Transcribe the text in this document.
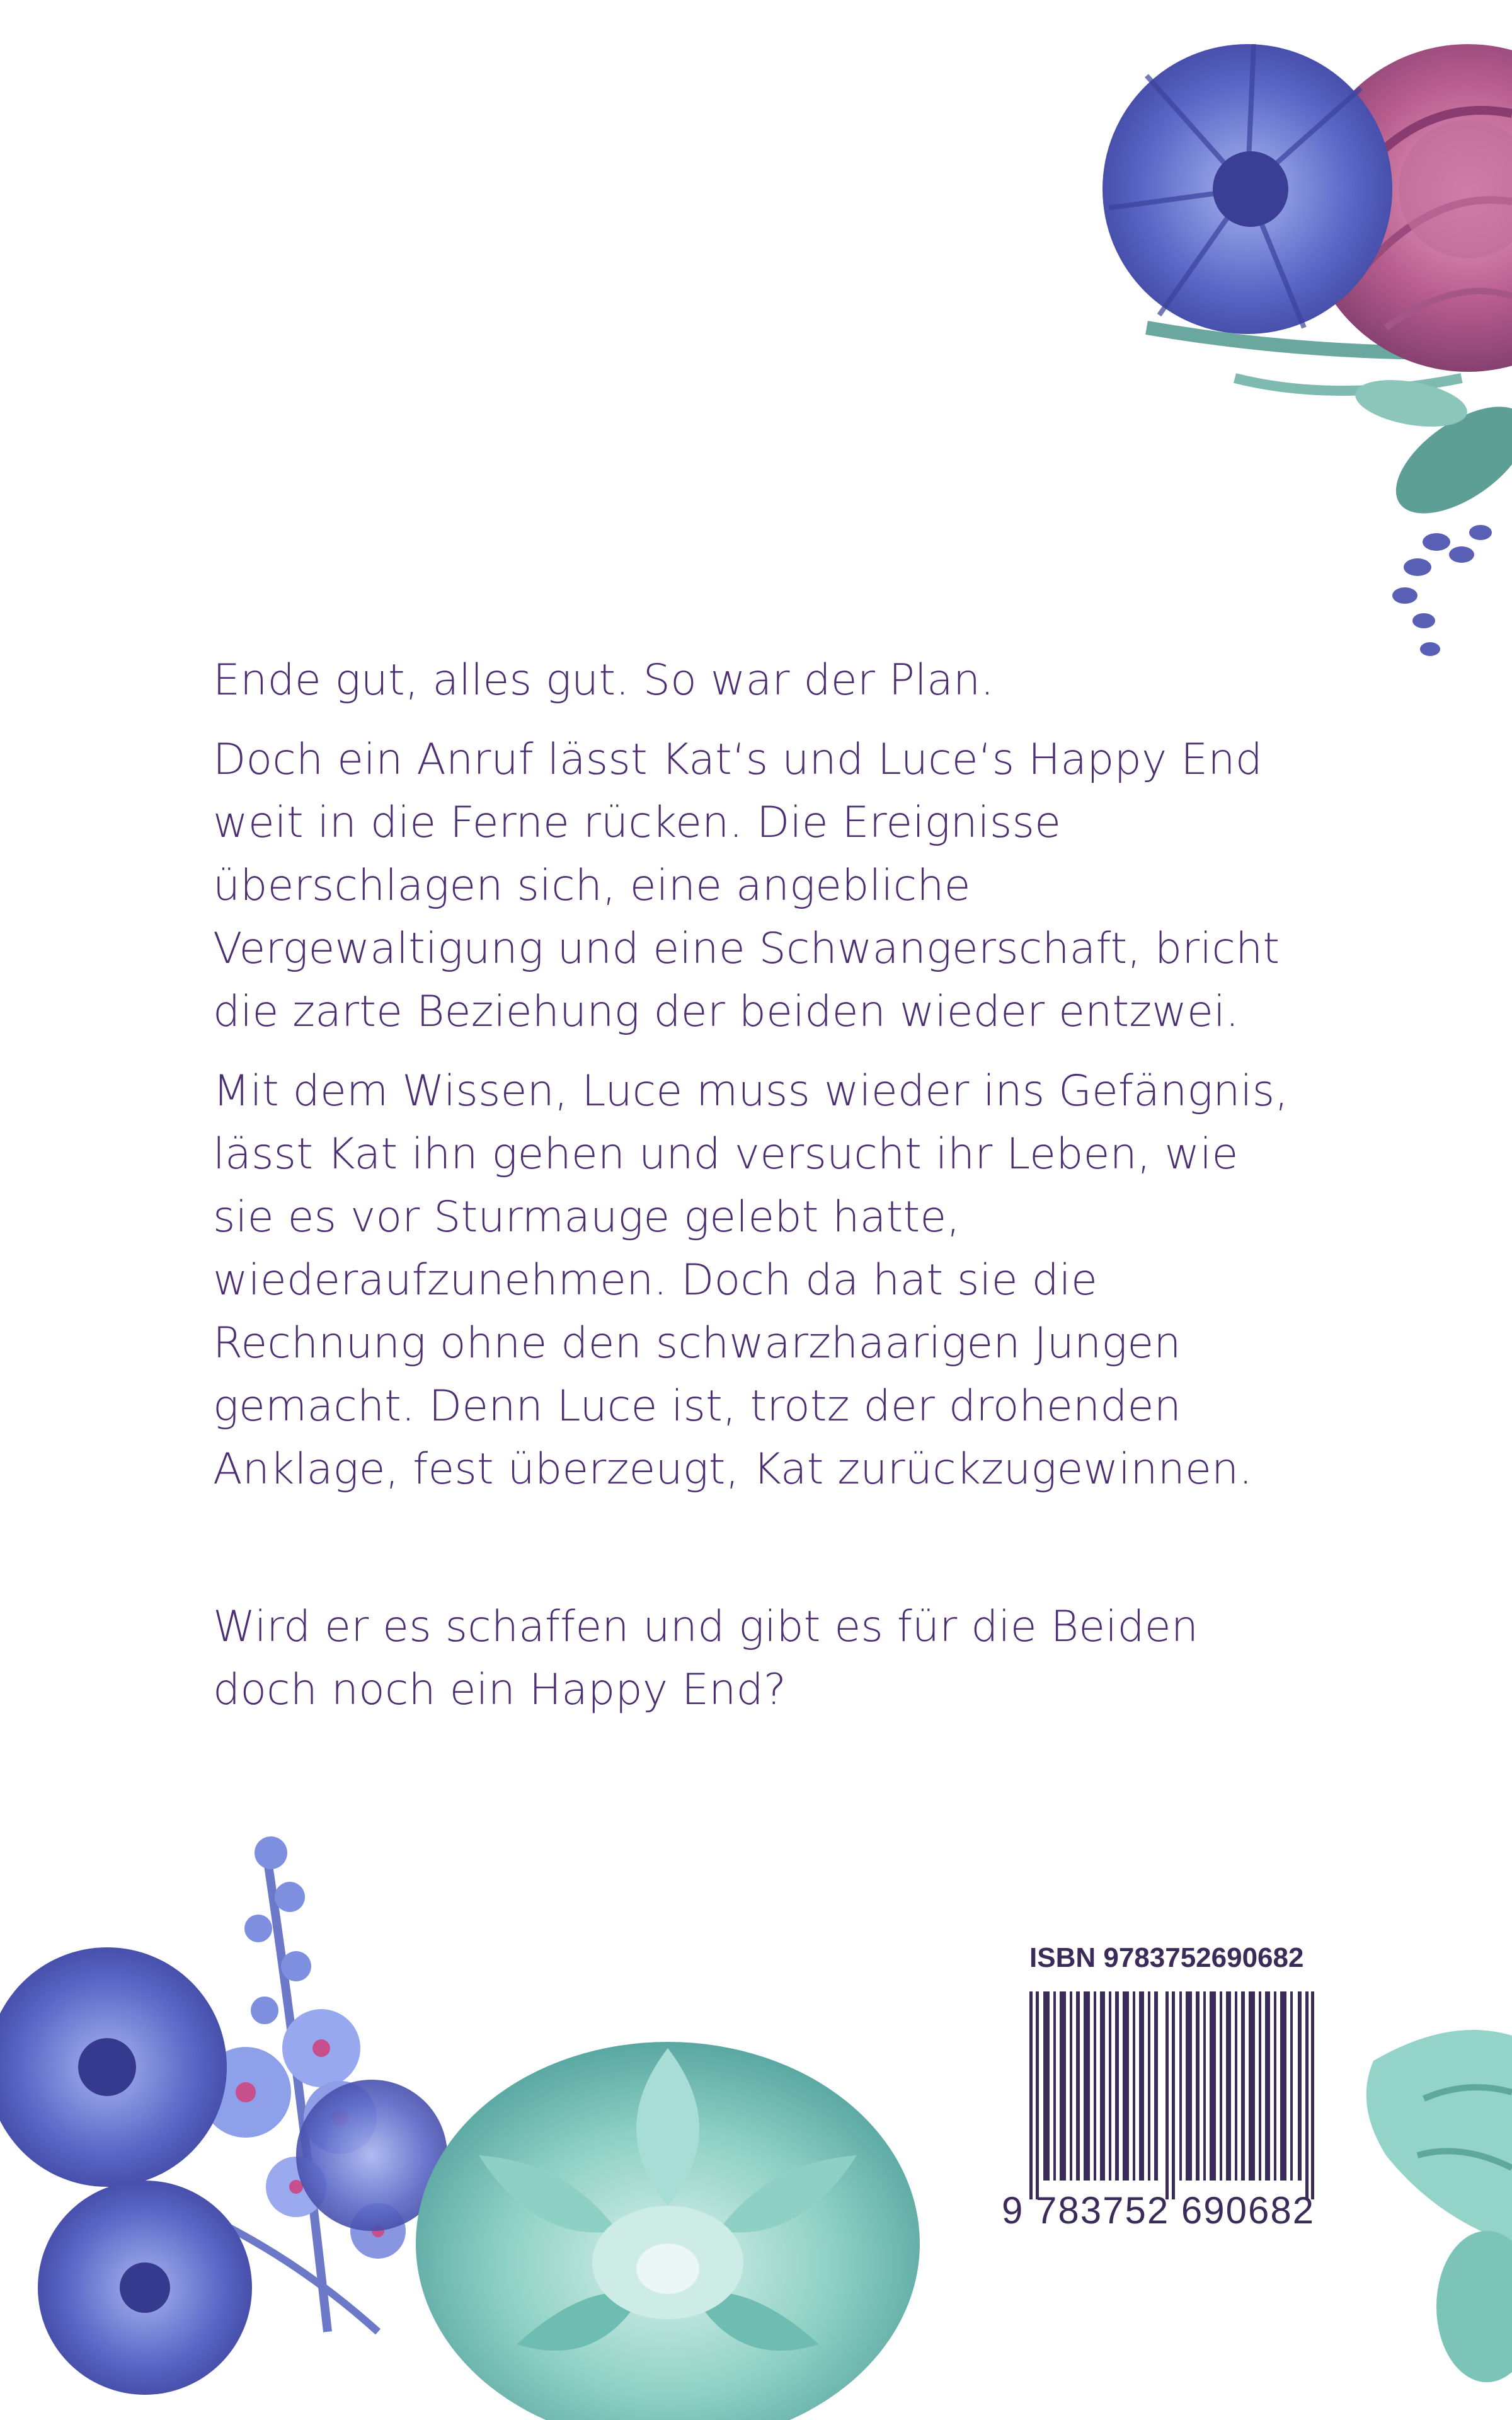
Ende gut, alles gut. So war der Plan.

Doch ein Anruf lässt Kat‘s und Luce‘s Happy End weit in die Ferne rücken. Die Ereignisse überschlagen sich, eine angebliche Vergewaltigung und eine Schwangerschaft, bricht die zarte Beziehung der beiden wieder entzwei.

Mit dem Wissen, Luce muss wieder ins Gefängnis, lässt Kat ihn gehen und versucht ihr Leben, wie sie es vor Sturmauge gelebt hatte, wiederaufzunehmen. Doch da hat sie die Rechnung ohne den schwarzhaarigen Jungen gemacht. Denn Luce ist, trotz der drohenden Anklage, fest überzeugt, Kat zurückzugewinnen.

Wird er es schaffen und gibt es für die Beiden doch noch ein Happy End?

ISBN 9783752690682
9 783752 690682
